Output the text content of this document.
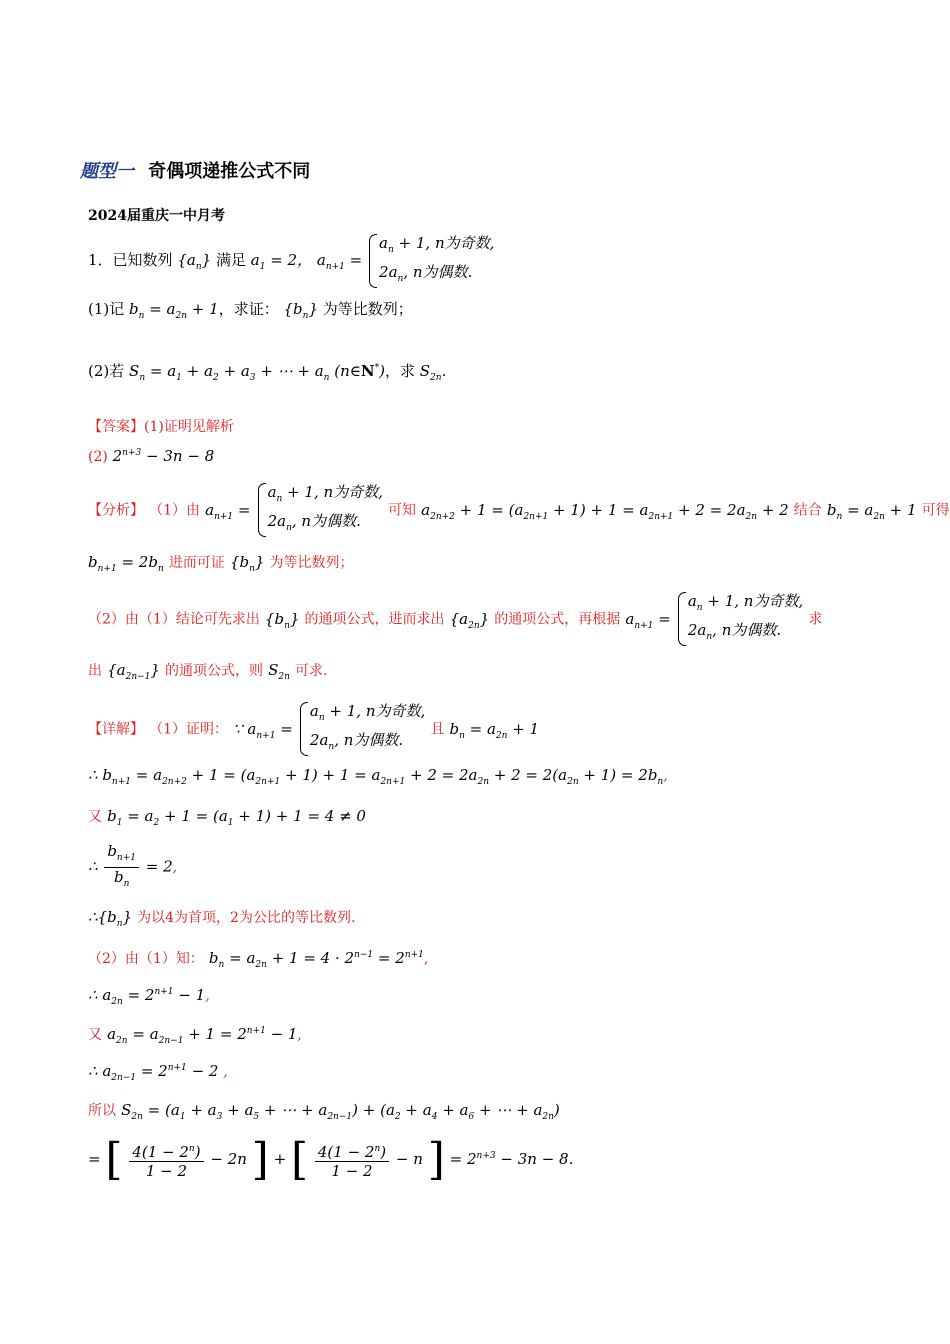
题型一 奇偶项递推公式不同
2024届重庆一中月考
1．已知数列 $\{a_n\}$ 满足 $a_1 = 2$， $a_{n+1}$ =
$a_n + 1$, n为奇数,
$2a_n$, n为偶数.
(1)记 $b_n = a_{2n} + 1$，求证： $\{b_n\}$ 为等比数列；
(2)若 $S_n = a_1 + a_2 + a_3$ + ⋯ + $a_n$ (n∈N*)，求 $S_{2n}$.
【答案】(1)证明见解析
(2) $2^{n+3} - 3n - 8$
【分析】 （1）由 $a_{n+1}$ =
$a_n + 1$, n为奇数,
$2a_n$, n为偶数.
可知 $a_{2n+2} + 1 = (a_{2n+1} + 1) + 1 = a_{2n+1} + 2 = 2a_{2n} + 2$ 结合 $b_n = a_{2n} + 1$ 可得
$b_{n+1} = 2b_n$ 进而可证 $\{b_n\}$ 为等比数列；
（2）由（1）结论可先求出 $\{b_n\}$ 的通项公式，进而求出 $\{a_{2n}\}$ 的通项公式，再根据 $a_{n+1}$ =
$a_n + 1$, n为奇数,
$2a_n$, n为偶数.
求
出 $\{a_{2n-1}\}$ 的通项公式，则 $S_{2n}$ 可求.
【详解】 （1）证明： ∵ $a_{n+1}$ =
$a_n + 1$, n为奇数,
$2a_n$, n为偶数.
且 $b_n = a_{2n} + 1$
∴ $b_{n+1} = a_{2n+2} + 1 = (a_{2n+1} + 1) + 1 = a_{2n+1} + 2 = 2a_{2n} + 2 = 2(a_{2n} + 1) = 2b_n$,
又 $b_1 = a_2 + 1 = (a_1 + 1) + 1 = 4 \ne 0$
∴ $\frac{b_{n+1}}{b_n} = 2$,
$\therefore\{b_n\}$ 为以4为首项，2为公比的等比数列.
（2）由（1）知： $b_n = a_{2n} + 1 = 4 \cdot 2^{n-1} = 2^{n+1}$,
∴ $a_{2n} = 2^{n+1} - 1$,
又 $a_{2n} = a_{2n-1} + 1 = 2^{n+1} - 1$,
∴ $a_{2n-1} = 2^{n+1} - 2$ ,
所以 $S_{2n} = (a_1 + a_3 + a_5$ + ⋯ + $a_{2n-1}) + (a_2 + a_4 + a_6$ + ⋯ + $a_{2n}$)
= [ $\frac{4(1 - 2^n)}{1 - 2} - 2n$ ] + [ $\frac{4(1 - 2^n)}{1 - 2} - n$ ] = $2^{n+3} - 3n - 8$.
